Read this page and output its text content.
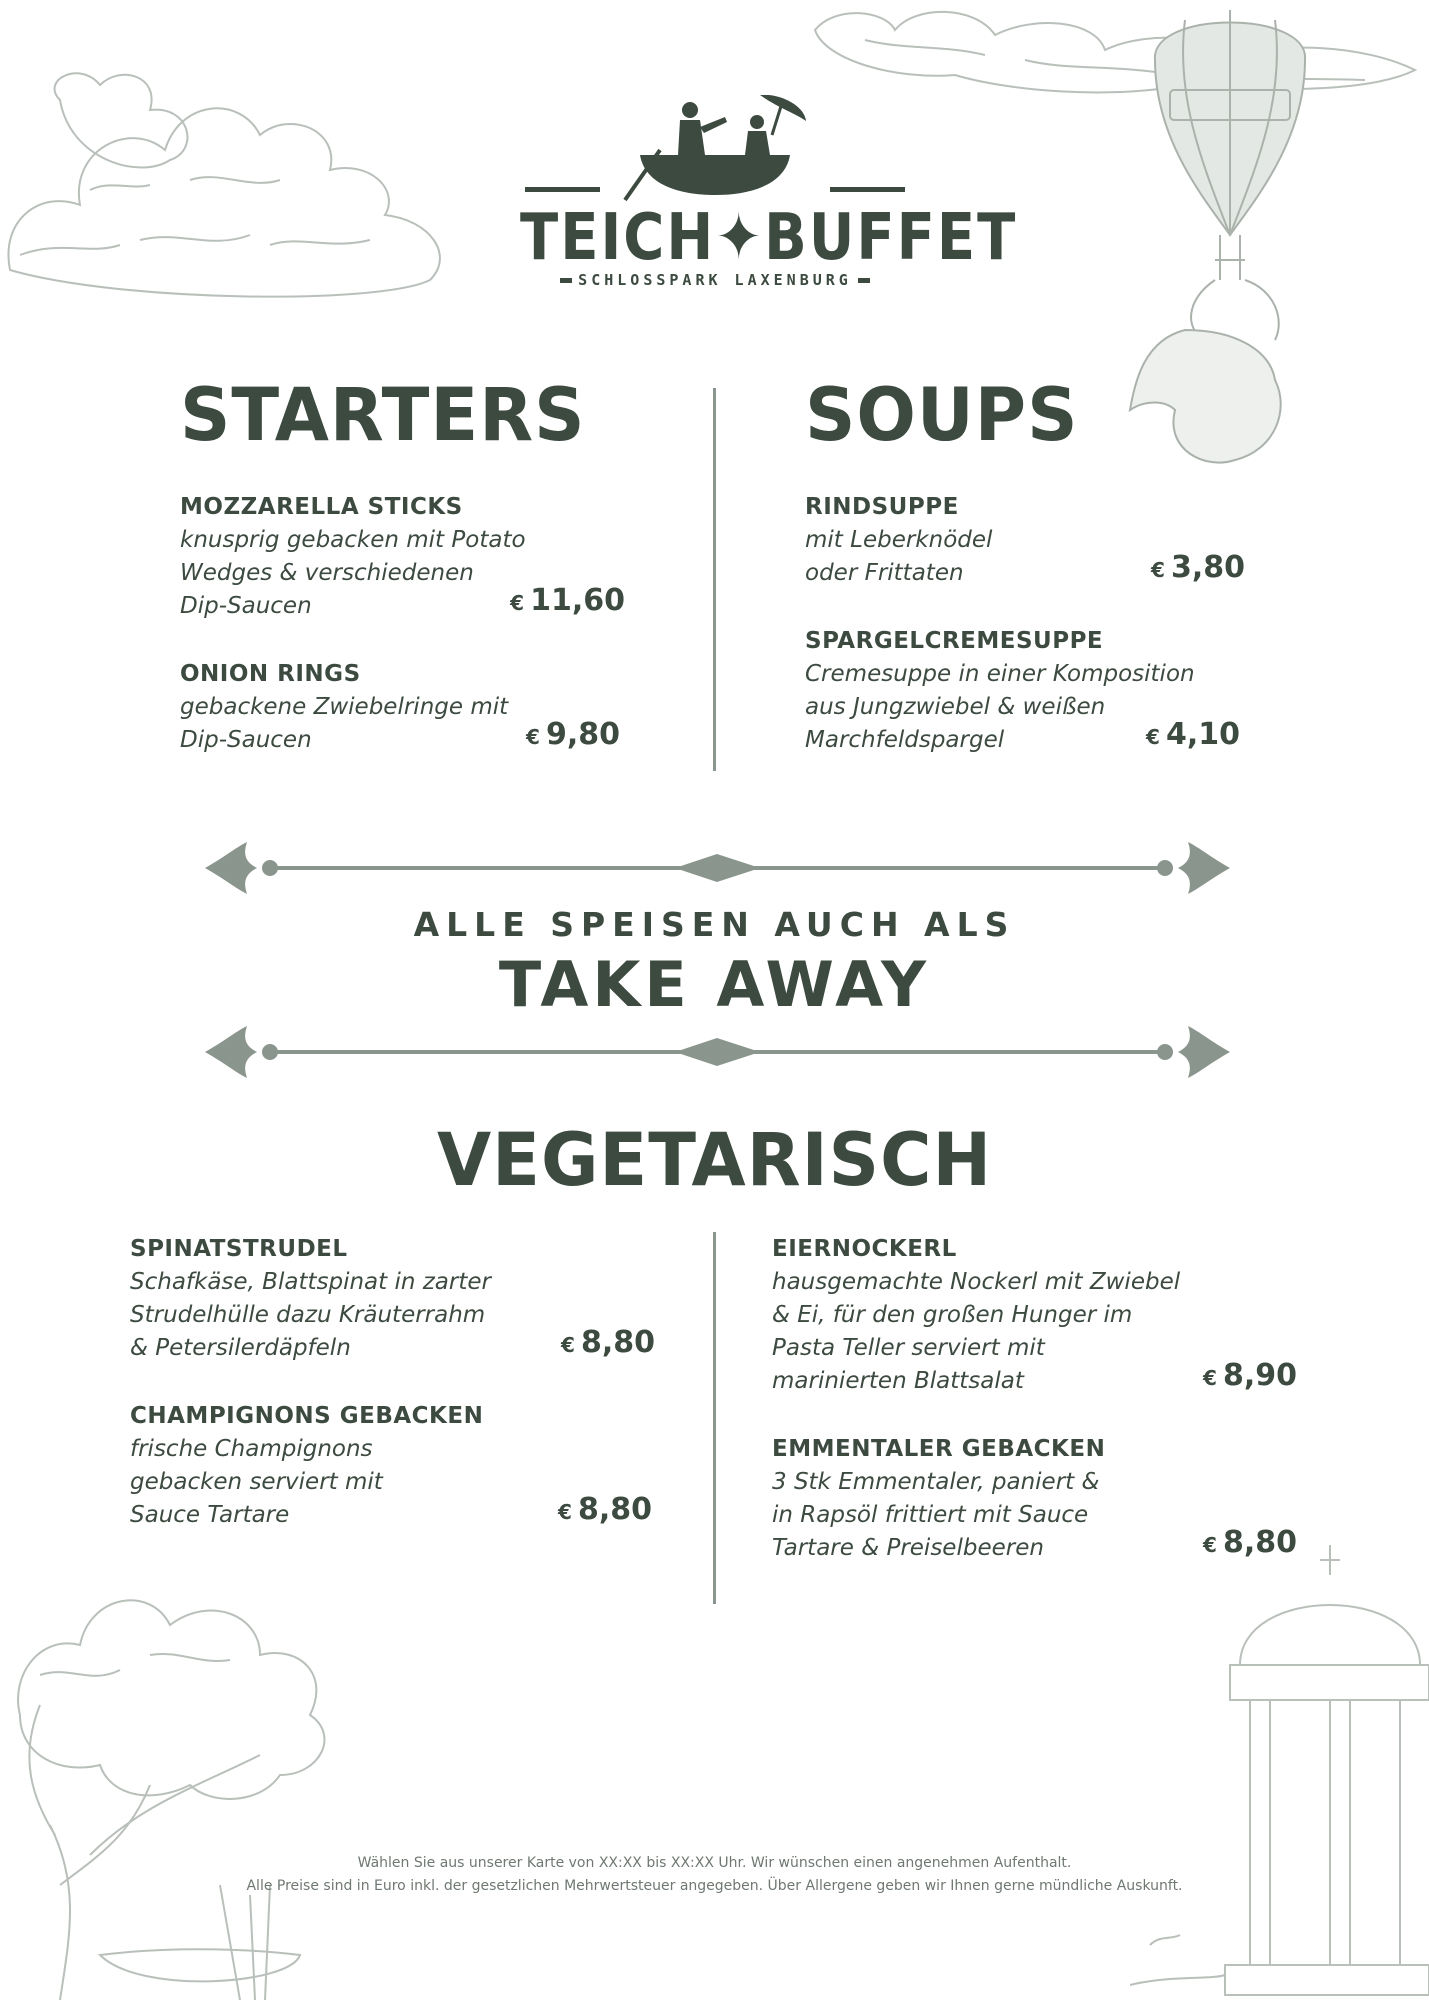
TEICH✦BUFFET
SCHLOSSPARK LAXENBURG
STARTERS
MOZZARELLA STICKS
knusprig gebacken mit Potato
Wedges & verschiedenen
Dip-Saucen	€ 11,60
ONION RINGS
gebackene Zwiebelringe mit
Dip-Saucen	€ 9,80
SOUPS
RINDSUPPE
mit Leberknödel
oder Frittaten	€ 3,80
SPARGELCREMESUPPE
Cremesuppe in einer Komposition
aus Jungzwiebel & weißen
Marchfeldspargel	€ 4,10
ALLE SPEISEN AUCH ALS
TAKE AWAY
VEGETARISCH
SPINATSTRUDEL
Schafkäse, Blattspinat in zarter
Strudelhülle dazu Kräuterrahm
& Petersilerdäpfeln	€ 8,80
CHAMPIGNONS GEBACKEN
frische Champignons
gebacken serviert mit
Sauce Tartare	€ 8,80
EIERNOCKERL
hausgemachte Nockerl mit Zwiebel
& Ei, für den großen Hunger im
Pasta Teller serviert mit
marinierten Blattsalat	€ 8,90
EMMENTALER GEBACKEN
3 Stk Emmentaler, paniert &
in Rapsöl frittiert mit Sauce
Tartare & Preiselbeeren	€ 8,80
Wählen Sie aus unserer Karte von XX:XX bis XX:XX Uhr. Wir wünschen einen angenehmen Aufenthalt.
Alle Preise sind in Euro inkl. der gesetzlichen Mehrwertsteuer angegeben. Über Allergene geben wir Ihnen gerne mündliche Auskunft.
